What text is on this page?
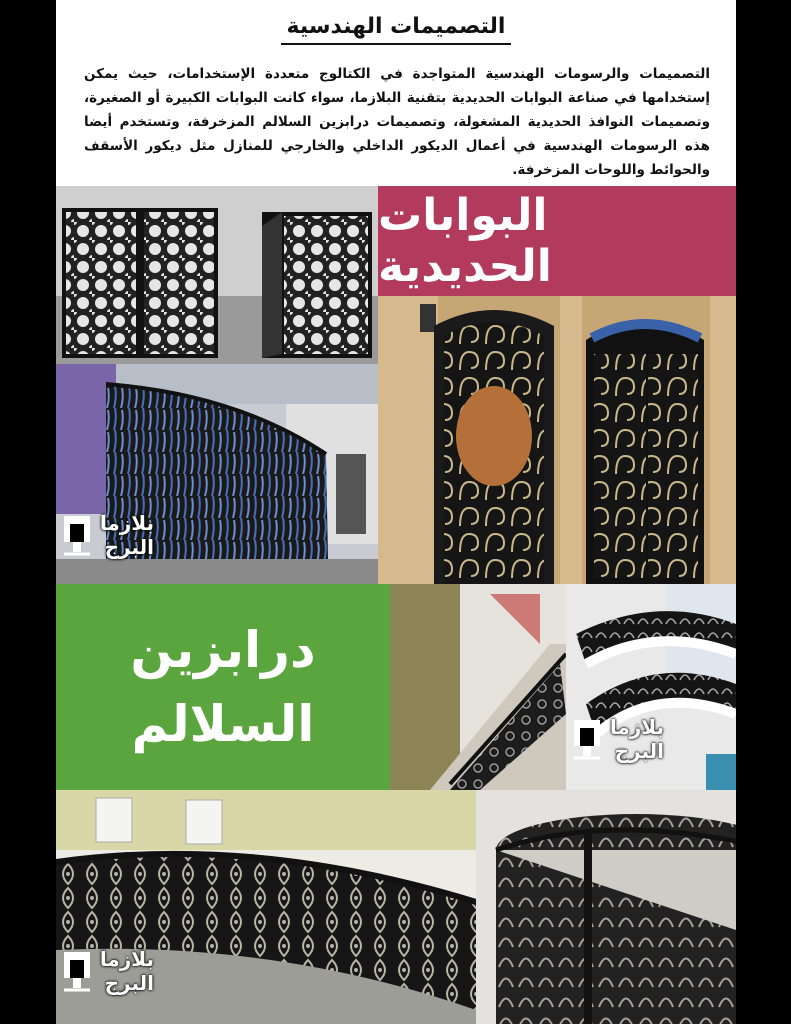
التصميمات الهندسية
التصميمات والرسومات الهندسية المتواجدة في الكتالوج متعددة الإستخدامات، حيث يمكن إستخدامها في صناعة البوابات الحديدية بتقنية البلازما، سواء كانت البوابات الكبيرة أو الصغيرة، وتصميمات النوافذ الحديدية المشغولة، وتصميمات درابزين السلالم المزخرفة، وتستخدم أيضا هذه الرسومات الهندسية في أعمال الديكور الداخلي والخارجي للمنازل مثل ديكور الأسقف والحوائط واللوحات المزخرفة.
البوابات الحديدية
بلازما
البرج
درابزين
السلالم	بلازما
البرج
بلازما
البرج
